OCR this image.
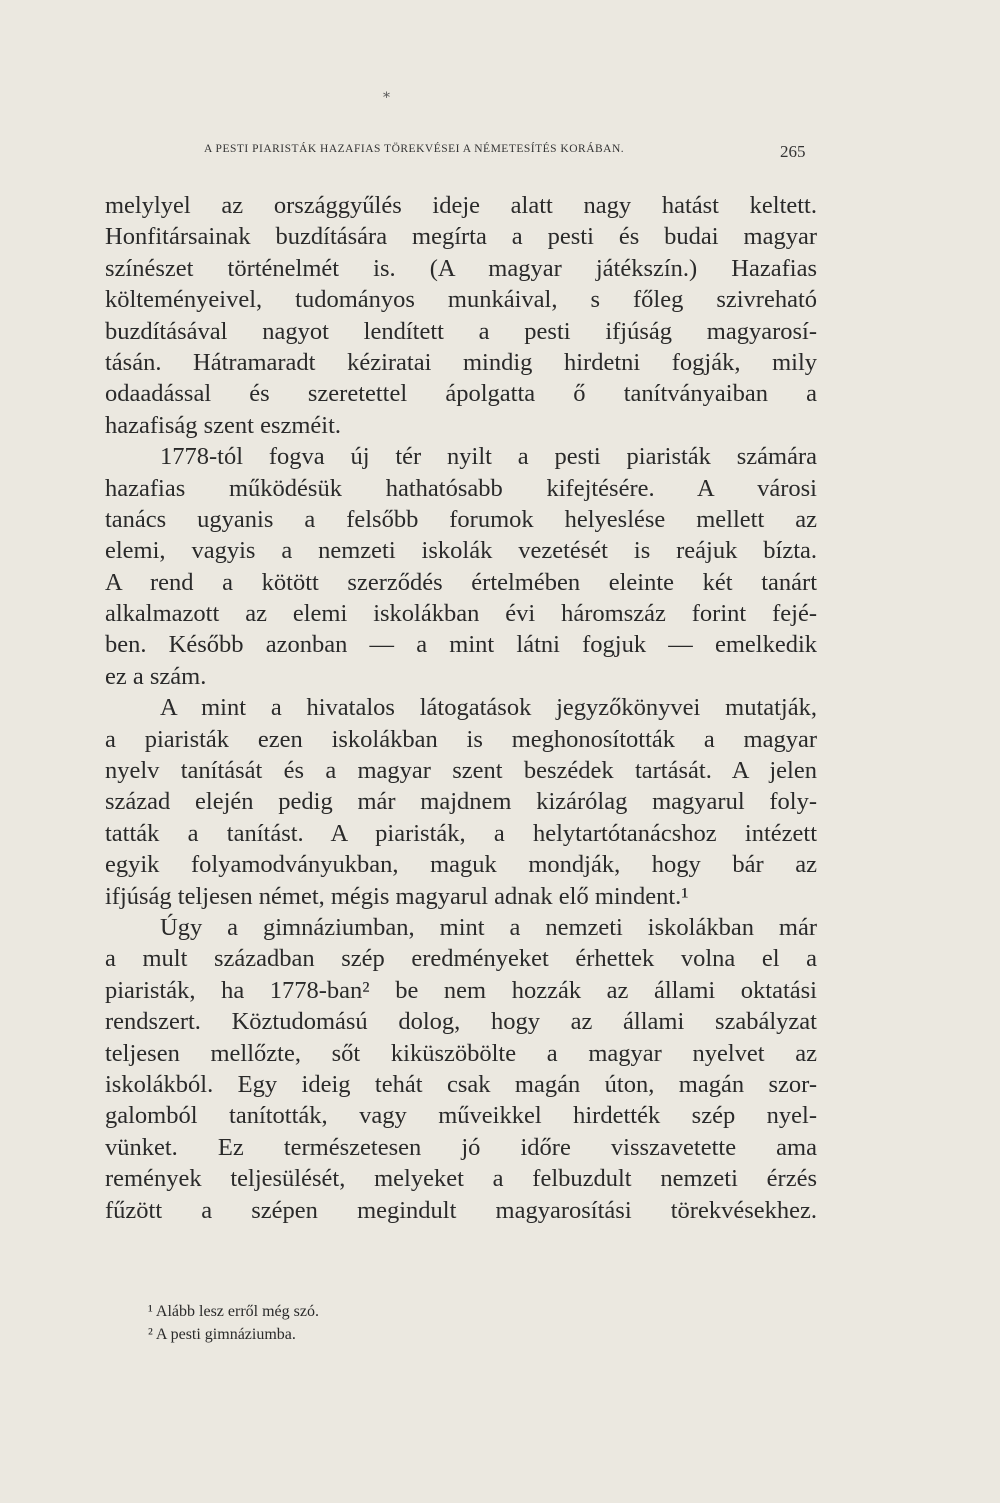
*
A PESTI PIARISTÁK HAZAFIAS TÖREKVÉSEI A NÉMETESÍTÉS KORÁBAN.	265
melylyel az országgyűlés ideje alatt nagy hatást keltett.
Honfitársainak buzdítására megírta a pesti és budai magyar
színészet történelmét is. (A magyar játékszín.) Hazafias
költeményeivel, tudományos munkáival, s főleg szivreható
buzdításával nagyot lendített a pesti ifjúság magyarosí-
tásán. Hátramaradt kéziratai mindig hirdetni fogják, mily
odaadással és szeretettel ápolgatta ő tanítványaiban a
hazafiság szent eszméit.
1778-tól fogva új tér nyilt a pesti piaristák számára
hazafias működésük hathatósabb kifejtésére. A városi
tanács ugyanis a felsőbb forumok helyeslése mellett az
elemi, vagyis a nemzeti iskolák vezetését is reájuk bízta.
A rend a kötött szerződés értelmében eleinte két tanárt
alkalmazott az elemi iskolákban évi háromszáz forint fejé-
ben. Később azonban — a mint látni fogjuk — emelkedik
ez a szám.
A mint a hivatalos látogatások jegyzőkönyvei mutatják,
a piaristák ezen iskolákban is meghonosították a magyar
nyelv tanítását és a magyar szent beszédek tartását. A jelen
század elején pedig már majdnem kizárólag magyarul foly-
tatták a tanítást. A piaristák, a helytartótanácshoz intézett
egyik folyamodványukban, maguk mondják, hogy bár az
ifjúság teljesen német, mégis magyarul adnak elő mindent.¹
Úgy a gimnáziumban, mint a nemzeti iskolákban már
a mult században szép eredményeket érhettek volna el a
piaristák, ha 1778-ban² be nem hozzák az állami oktatási
rendszert. Köztudomású dolog, hogy az állami szabályzat
teljesen mellőzte, sőt kiküszöbölte a magyar nyelvet az
iskolákból. Egy ideig tehát csak magán úton, magán szor-
galomból tanították, vagy műveikkel hirdették szép nyel-
vünket. Ez természetesen jó időre visszavetette ama
remények teljesülését, melyeket a felbuzdult nemzeti érzés
fűzött a szépen megindult magyarosítási törekvésekhez.
¹ Alább lesz erről még szó.
² A pesti gimnáziumba.
